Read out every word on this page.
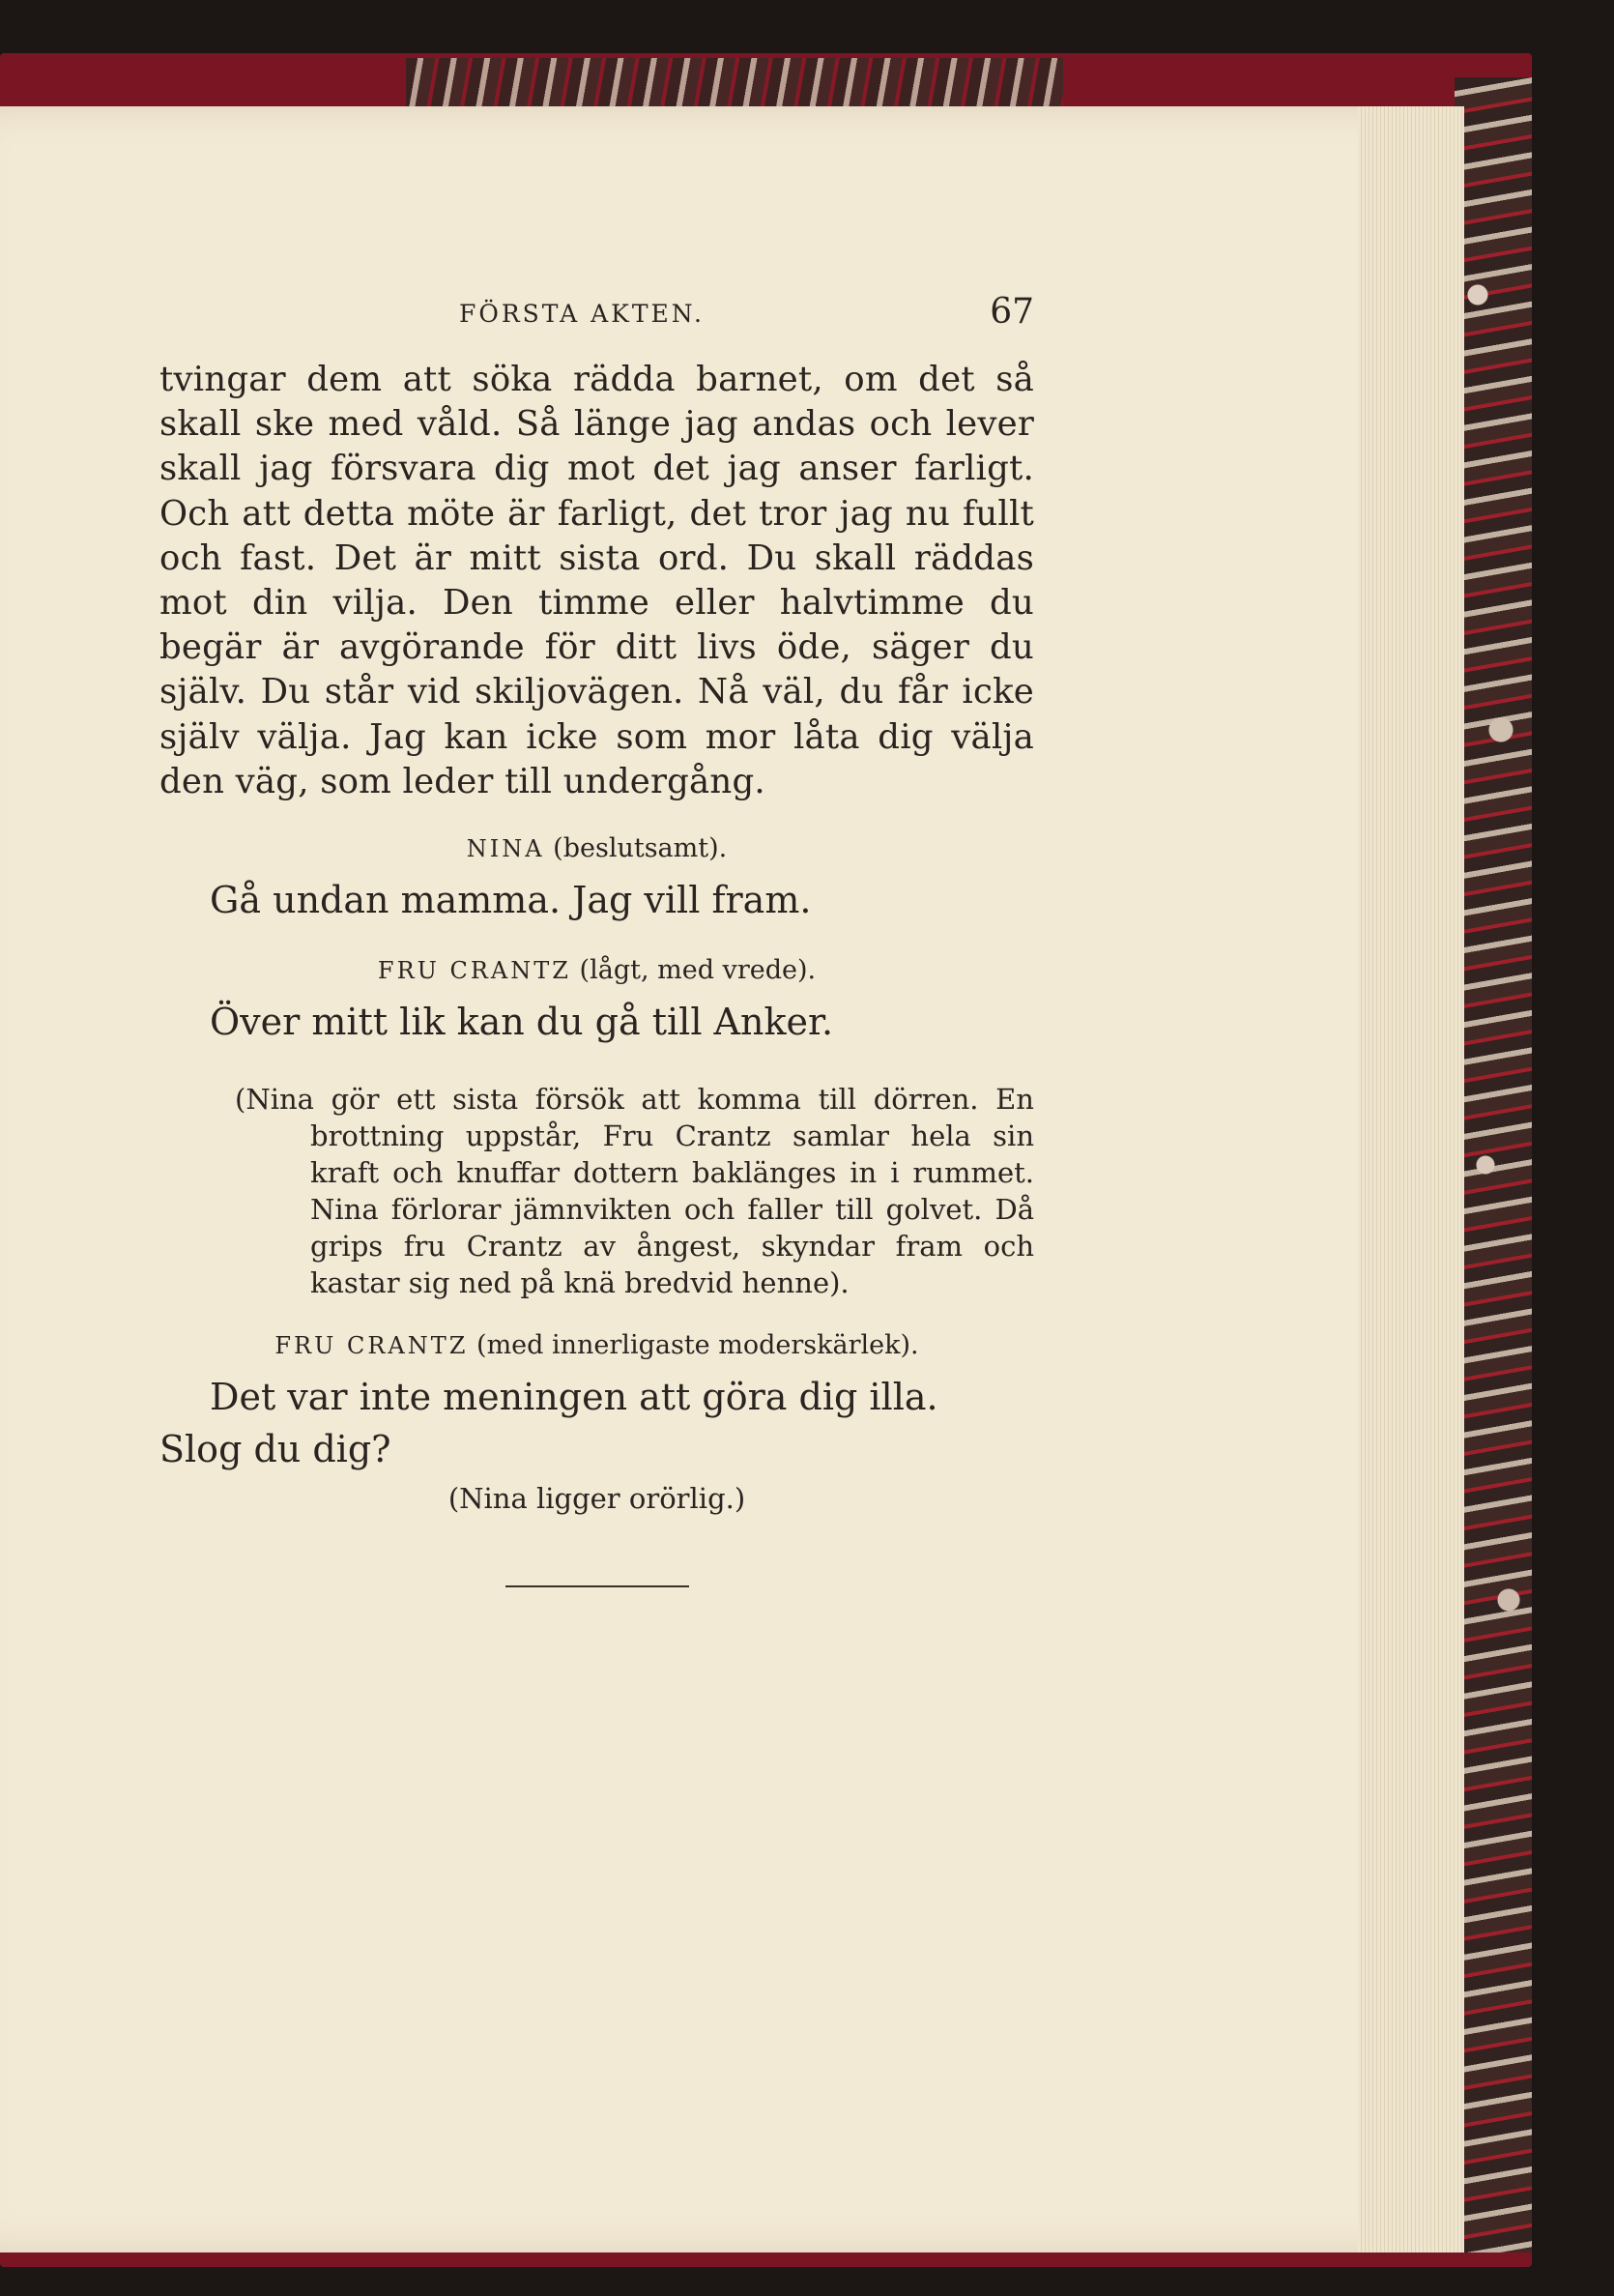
FÖRSTA AKTEN.	67

tvingar dem att söka rädda barnet, om det så skall ske med våld. Så länge jag andas och lever skall jag försvara dig mot det jag anser farligt. Och att detta möte är farligt, det tror jag nu fullt och fast. Det är mitt sista ord. Du skall räddas mot din vilja. Den timme eller halvtimme du begär är avgörande för ditt livs öde, säger du själv. Du står vid skiljovägen. Nå väl, du får icke själv välja. Jag kan icke som mor låta dig välja den väg, som leder till undergång.

NINA (beslutsamt).

Gå undan mamma. Jag vill fram.

FRU CRANTZ (lågt, med vrede).

Över mitt lik kan du gå till Anker.

(Nina gör ett sista försök att komma till dörren. En brottning uppstår, Fru Crantz samlar hela sin kraft och knuffar dottern baklänges in i rummet. Nina förlorar jämnvikten och faller till golvet. Då grips fru Crantz av ångest, skyndar fram och kastar sig ned på knä bredvid henne).

FRU CRANTZ (med innerligaste moderskärlek).

Det var inte meningen att göra dig illa.

Slog du dig?

(Nina ligger orörlig.)
